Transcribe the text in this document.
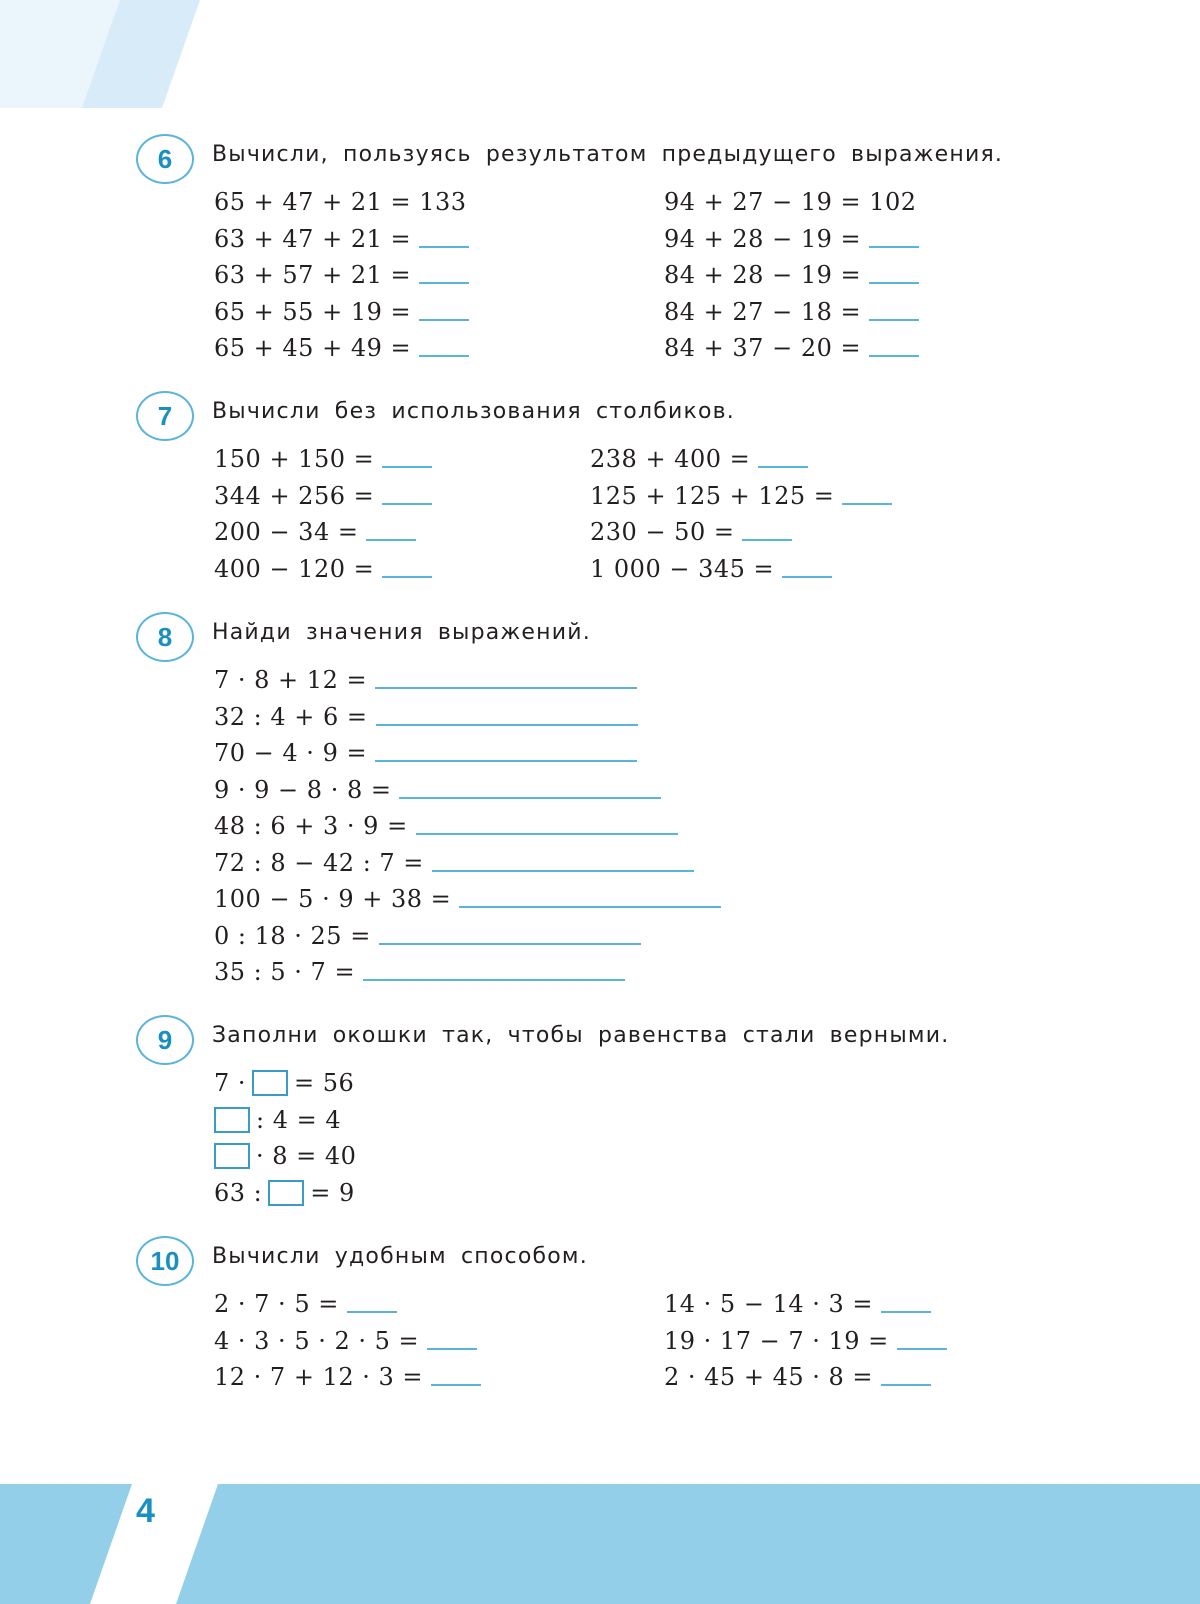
6	Вычисли, пользуясь результатом предыдущего выражения.
65 + 47 + 21 = 133
63 + 47 + 21 =
63 + 57 + 21 =
65 + 55 + 19 =
65 + 45 + 49 =
94 + 27 − 19 = 102
94 + 28 − 19 =
84 + 28 − 19 =
84 + 27 − 18 =
84 + 37 − 20 =
7	Вычисли без использования столбиков.
150 + 150 =
344 + 256 =
200 − 34 =
400 − 120 =
238 + 400 =
125 + 125 + 125 =
230 − 50 =
1 000 − 345 =
8	Найди значения выражений.
7 · 8 + 12 =
32 : 4 + 6 =
70 − 4 · 9 =
9 · 9 − 8 · 8 =
48 : 6 + 3 · 9 =
72 : 8 − 42 : 7 =
100 − 5 · 9 + 38 =
0 : 18 · 25 =
35 : 5 · 7 =
9	Заполни окошки так, чтобы равенства стали верными.
7 · = 56
: 4 = 4
· 8 = 40
63 : = 9
10	Вычисли удобным способом.
2 · 7 · 5 =
4 · 3 · 5 · 2 · 5 =
12 · 7 + 12 · 3 =
14 · 5 − 14 · 3 =
19 · 17 − 7 · 19 =
2 · 45 + 45 · 8 =
4
